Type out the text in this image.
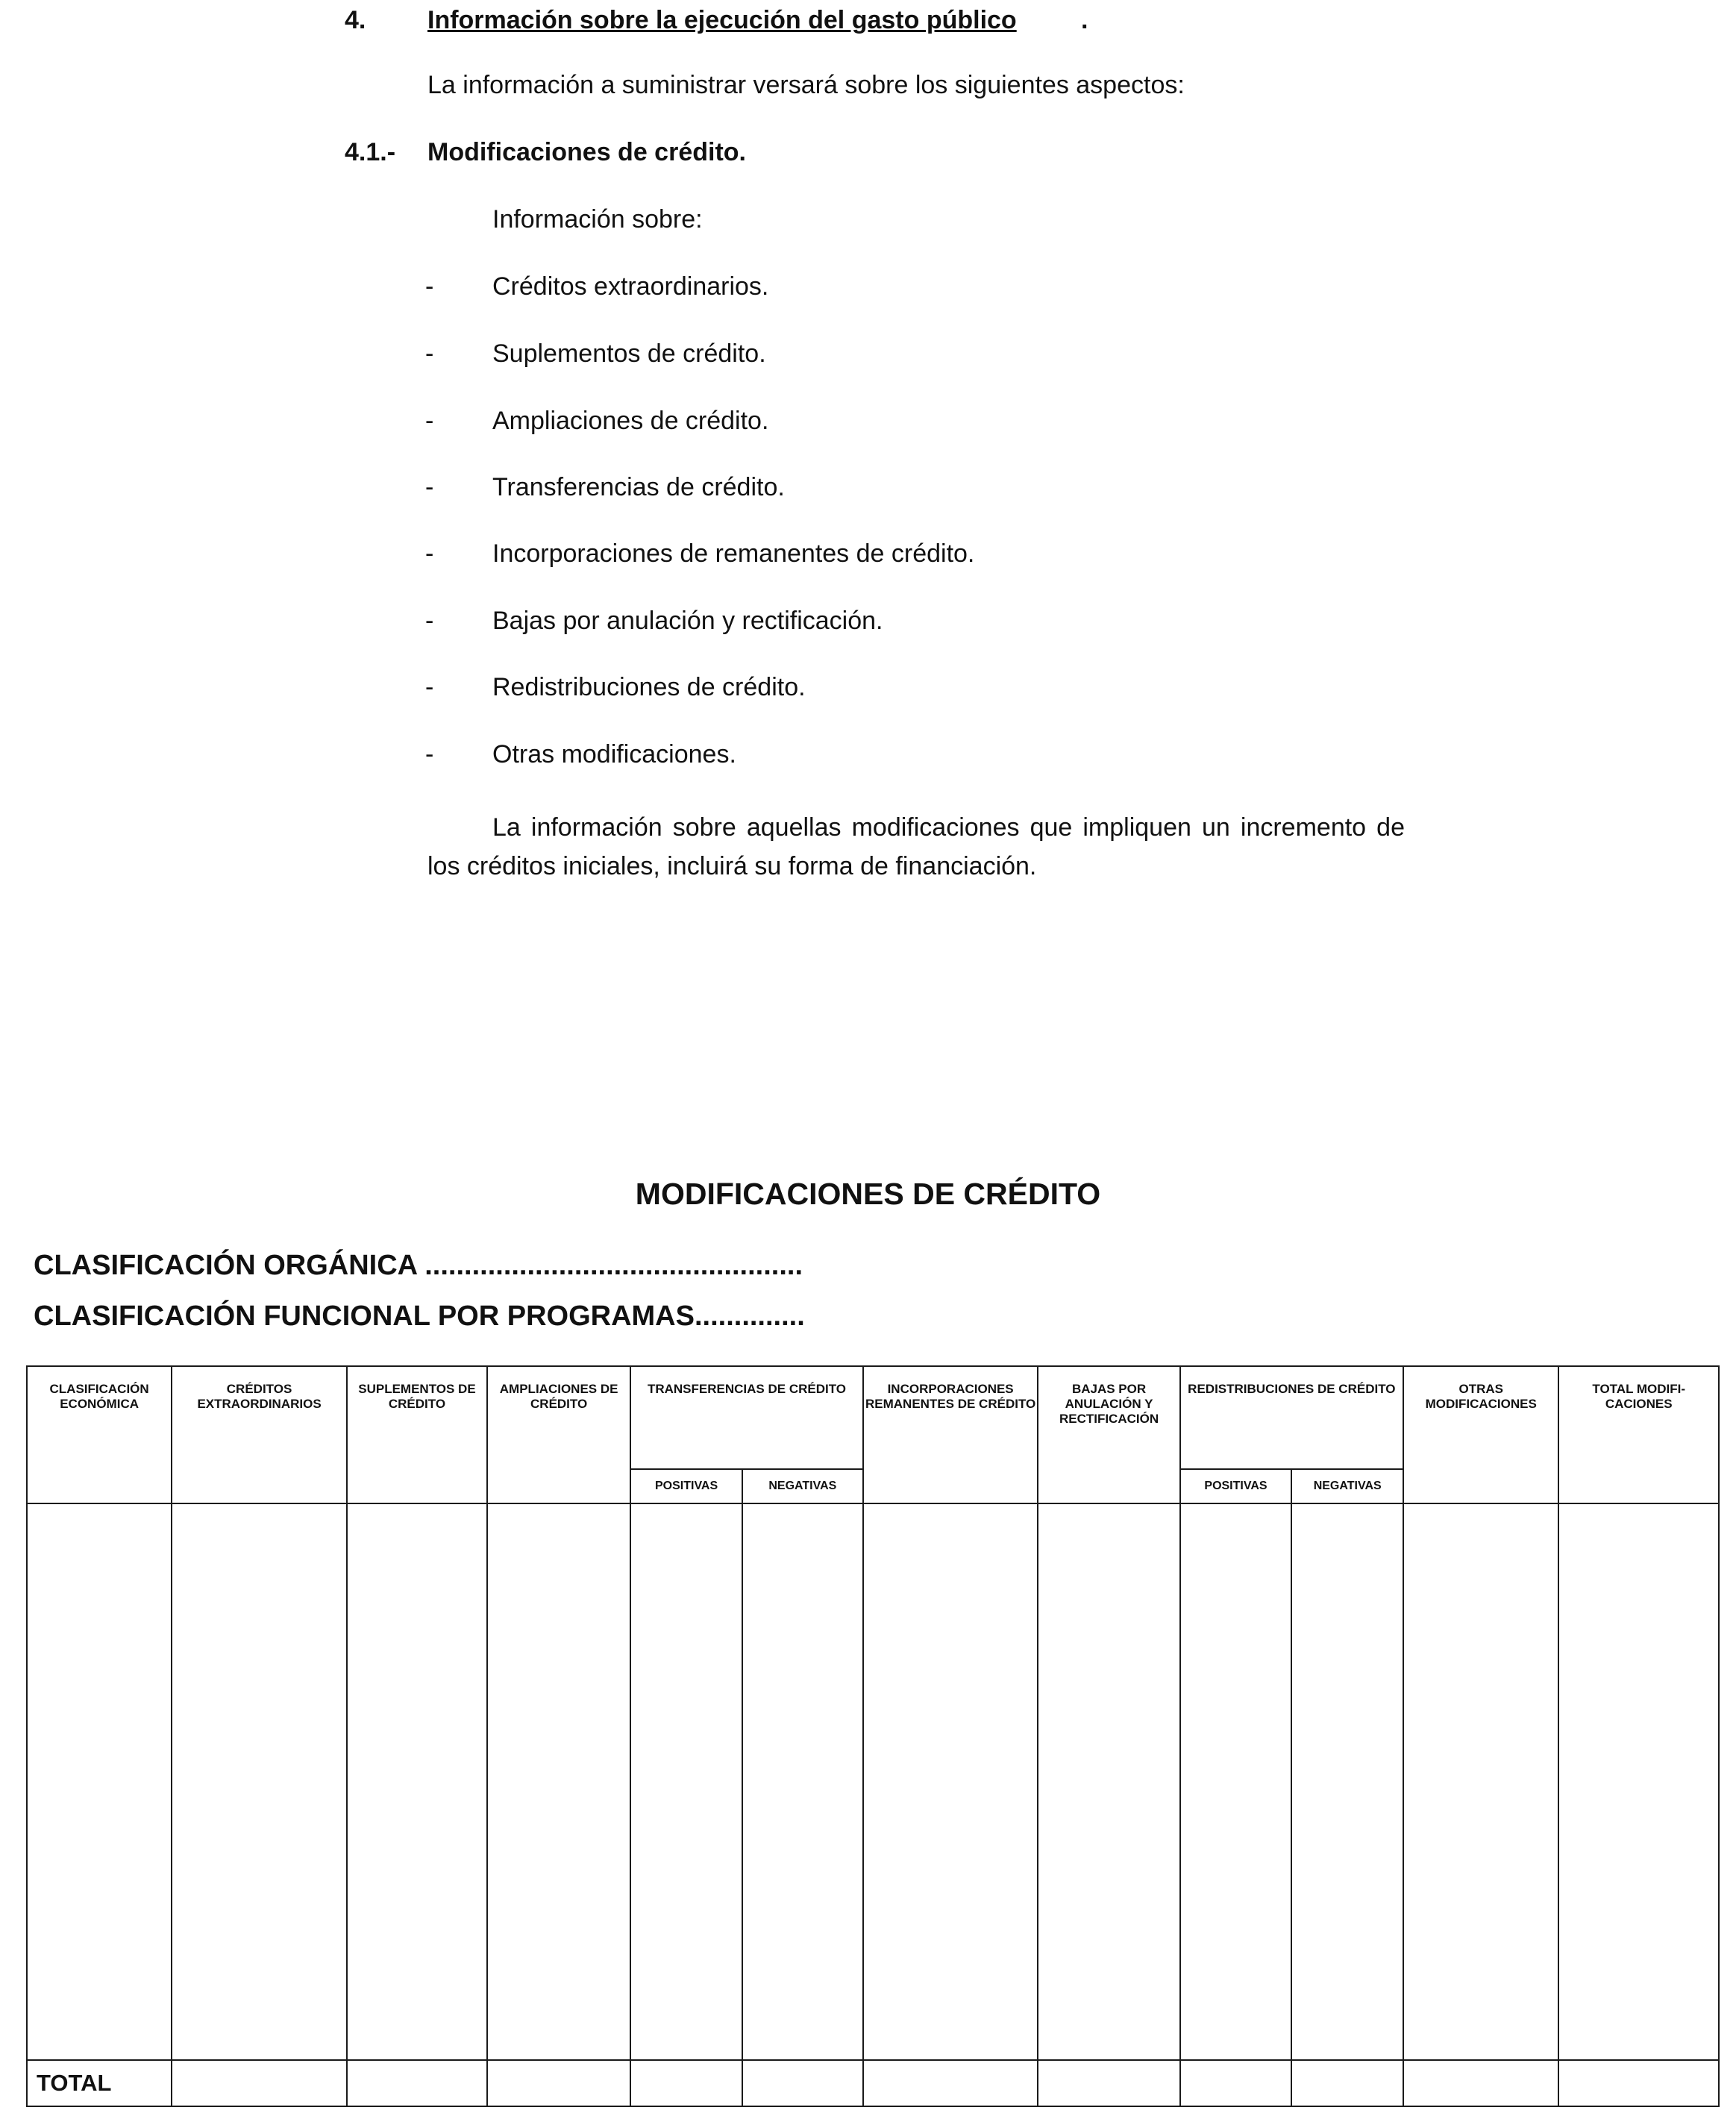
4. Información sobre la ejecución del gasto público	.
La información a suministrar versará sobre los siguientes aspectos:
4.1.- Modificaciones de crédito.
Información sobre:
- Créditos extraordinarios.
- Suplementos de crédito.
- Ampliaciones de crédito.
- Transferencias de crédito.
- Incorporaciones de remanentes de crédito.
- Bajas por anulación y rectificación.
- Redistribuciones de crédito.
- Otras modificaciones.
La información sobre aquellas modificaciones que impliquen un incremento de los créditos iniciales, incluirá su forma de financiación.
MODIFICACIONES DE CRÉDITO
CLASIFICACIÓN ORGÁNICA ................................................
CLASIFICACIÓN FUNCIONAL POR PROGRAMAS..............
CLASIFICACIÓN ECONÓMICA	CRÉDITOS EXTRAORDINARIOS	SUPLEMENTOS DE CRÉDITO	AMPLIACIONES DE CRÉDITO	TRANSFERENCIAS DE CRÉDITO		INCORPORACIONES REMANENTES DE CRÉDITO	BAJAS POR ANULACIÓN Y RECTIFICACIÓN	REDISTRIBUCIONES DE CRÉDITO		OTRAS MODIFICACIONES	TOTAL MODIFI-CACIONES
				POSITIVAS	NEGATIVAS			POSITIVAS	NEGATIVAS		

TOTAL											
